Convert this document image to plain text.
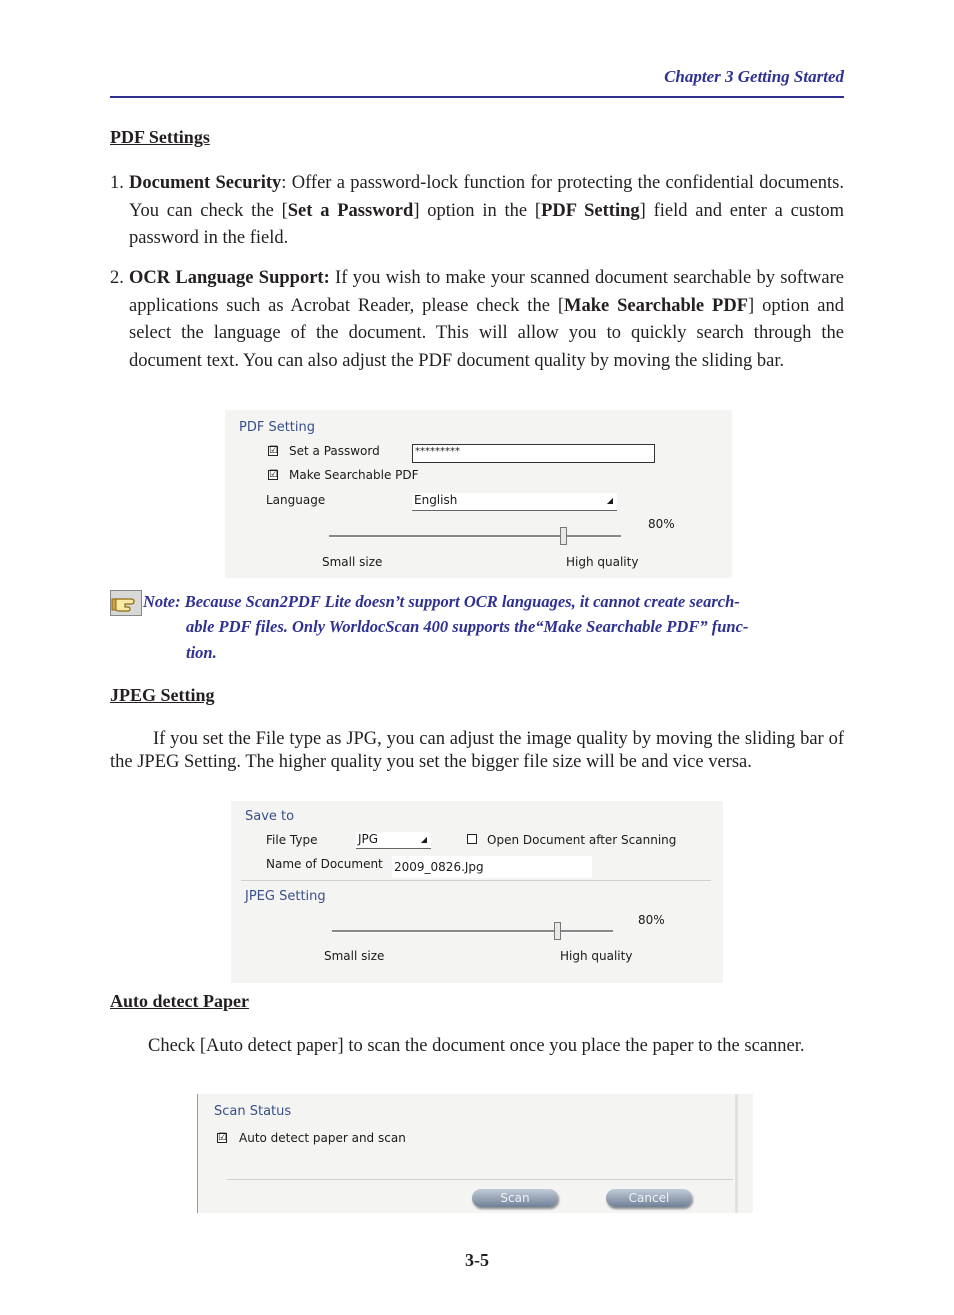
Chapter 3 Getting Started
PDF Settings
1. Document Security: Offer a password-lock function for protecting the confidential documents. You can check the [Set a Password] option in the [PDF Setting] field and enter a custom password in the field.
2. OCR Language Support: If you wish to make your scanned document searchable by software applications such as Acrobat Reader, please check the [Make Searchable PDF] option and select the language of the document. This will allow you to quickly search through the document text. You can also adjust the PDF document quality by moving the sliding bar.
PDF Setting
☑ Set a Password	*********
☑ Make Searchable PDF
Language	English	◢
80%
Small size	High quality
Note: Because Scan2PDF Lite doesn’t support OCR languages, it cannot create search-
able PDF files. Only WorldocScan 400 supports the“Make Searchable PDF” func-
tion.
JPEG Setting
If you set the File type as JPG, you can adjust the image quality by moving the sliding bar of the JPEG Setting. The higher quality you set the bigger file size will be and vice versa.
Save to
File Type	JPG	◢	Open Document after Scanning
Name of Document 2009_0826.Jpg
JPEG Setting
80%
Small size	High quality
Auto detect Paper
Check [Auto detect paper] to scan the document once you place the paper to the scanner.
Scan Status
☑ Auto detect paper and scan
Scan	Cancel
3-5
